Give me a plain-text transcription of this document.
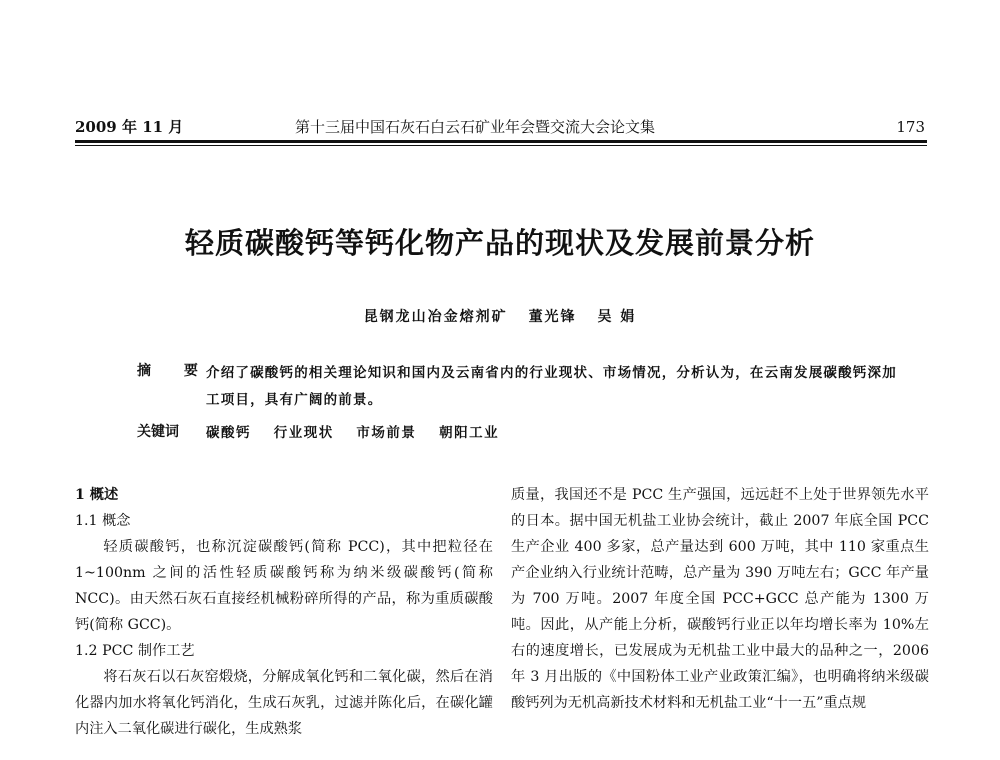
2009 年 11 月	第十三届中国石灰石白云石矿业年会暨交流大会论文集	173
轻质碳酸钙等钙化物产品的现状及发展前景分析
昆钢龙山冶金熔剂矿 董光锋 吴 娟
摘 要
介绍了碳酸钙的相关理论知识和国内及云南省内的行业现状、市场情况，分析认为，在云南发展碳酸钙深加工项目，具有广阔的前景。
关键词 碳酸钙 行业现状 市场前景 朝阳工业
1 概述
1.1 概念

轻质碳酸钙，也称沉淀碳酸钙(简称 PCC)，其中把粒径在 1~100nm 之间的活性轻质碳酸钙称为纳米级碳酸钙(简称 NCC)。由天然石灰石直接经机械粉碎所得的产品，称为重质碳酸钙(简称 GCC)。

1.2 PCC 制作工艺

将石灰石以石灰窑煅烧，分解成氧化钙和二氧化碳，然后在消化器内加水将氧化钙消化，生成石灰乳，过滤并陈化后，在碳化罐内注入二氧化碳进行碳化，生成熟浆

质量，我国还不是 PCC 生产强国，远远赶不上处于世界领先水平的日本。据中国无机盐工业协会统计，截止 2007 年底全国 PCC 生产企业 400 多家，总产量达到 600 万吨，其中 110 家重点生产企业纳入行业统计范畴，总产量为 390 万吨左右；GCC 年产量为 700 万吨。2007 年度全国 PCC+GCC 总产能为 1300 万吨。因此，从产能上分析，碳酸钙行业正以年均增长率为 10%左右的速度增长，已发展成为无机盐工业中最大的品种之一，2006 年 3 月出版的《中国粉体工业产业政策汇编》，也明确将纳米级碳酸钙列为无机高新技术材料和无机盐工业“十一五”重点规
